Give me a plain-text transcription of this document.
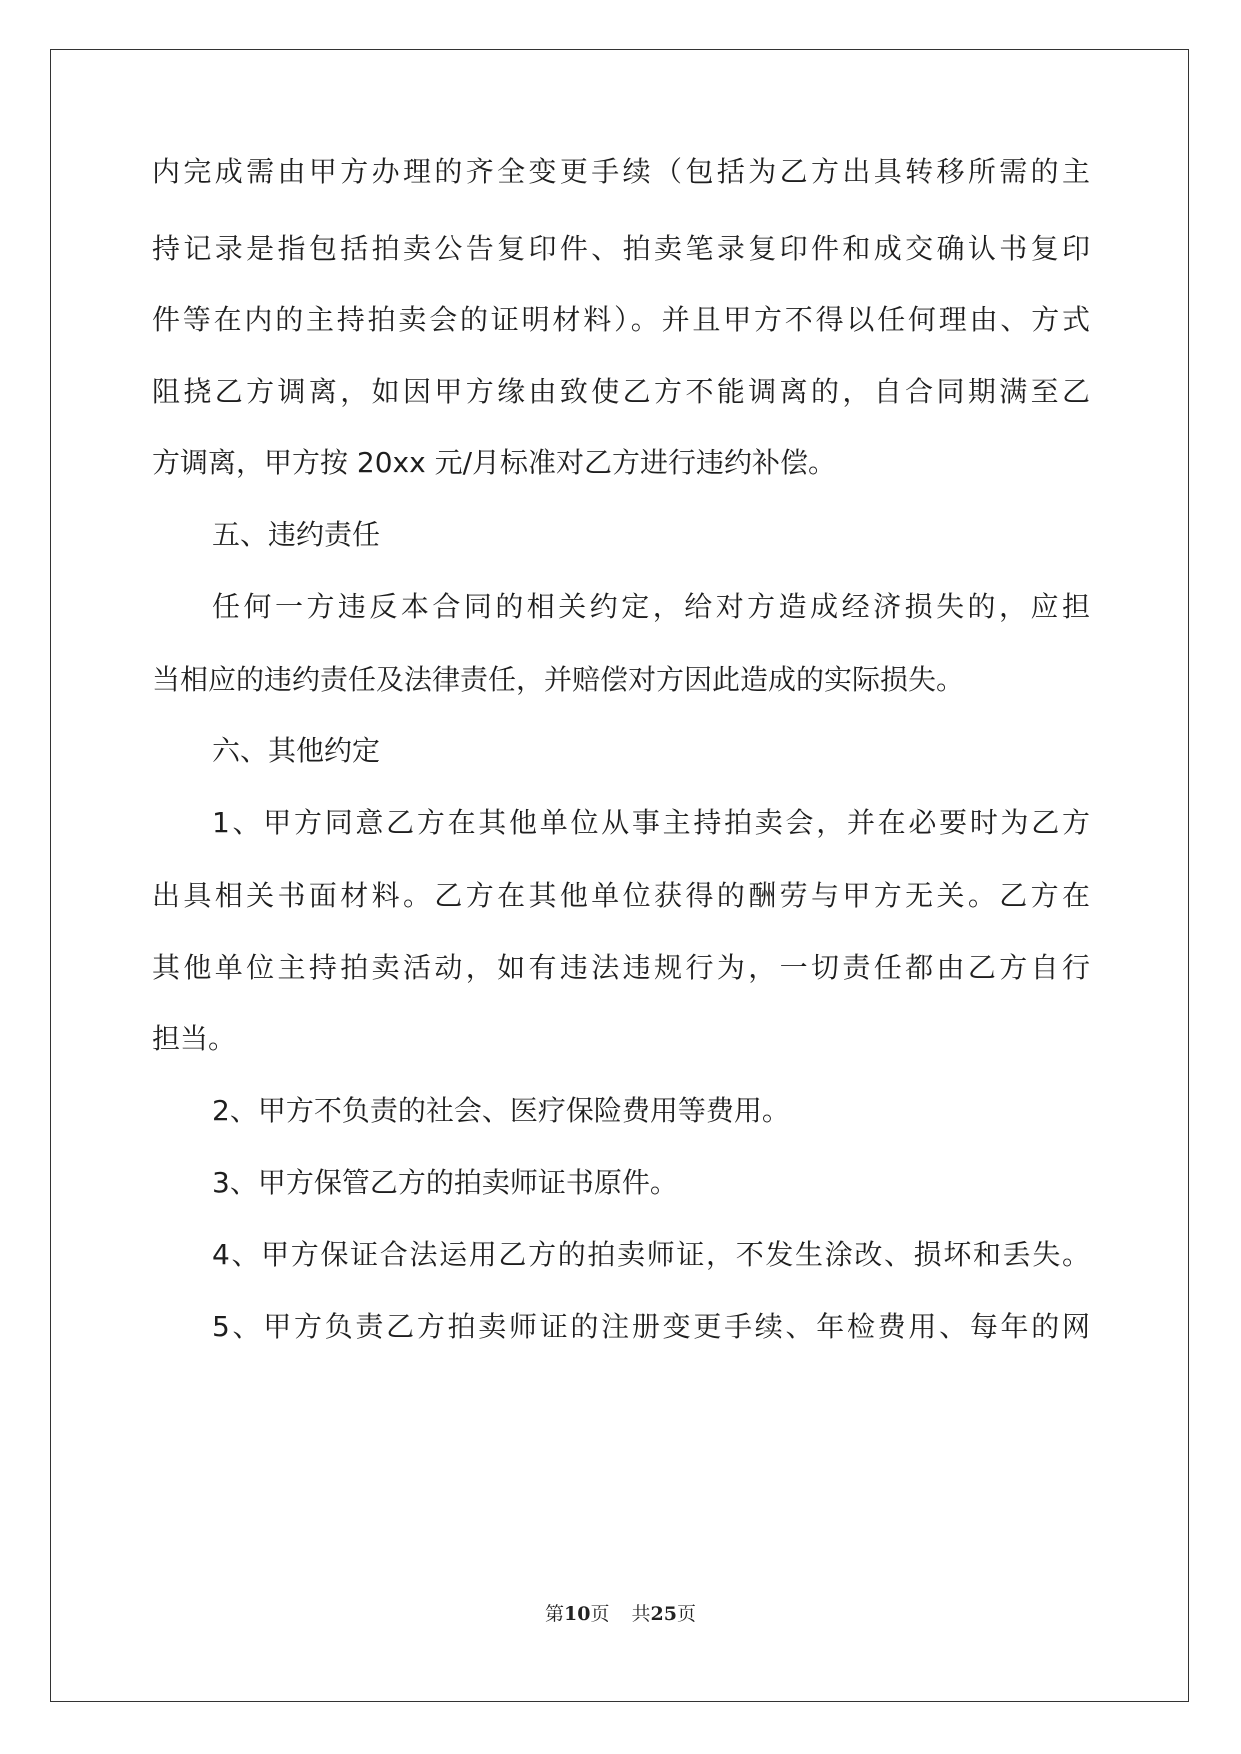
内完成需由甲方办理的齐全变更手续（包括为乙方出具转移所需的主
持记录是指包括拍卖公告复印件、拍卖笔录复印件和成交确认书复印
件等在内的主持拍卖会的证明材料）。并且甲方不得以任何理由、方式
阻挠乙方调离，如因甲方缘由致使乙方不能调离的，自合同期满至乙
方调离，甲方按 20xx 元/月标准对乙方进行违约补偿。
五、违约责任
任何一方违反本合同的相关约定，给对方造成经济损失的，应担
当相应的违约责任及法律责任，并赔偿对方因此造成的实际损失。
六、其他约定
1、甲方同意乙方在其他单位从事主持拍卖会，并在必要时为乙方
出具相关书面材料。乙方在其他单位获得的酬劳与甲方无关。乙方在
其他单位主持拍卖活动，如有违法违规行为，一切责任都由乙方自行
担当。
2、甲方不负责的社会、医疗保险费用等费用。
3、甲方保管乙方的拍卖师证书原件。
4、甲方保证合法运用乙方的拍卖师证，不发生涂改、损坏和丢失。
5、甲方负责乙方拍卖师证的注册变更手续、年检费用、每年的网
第10页 共25页
